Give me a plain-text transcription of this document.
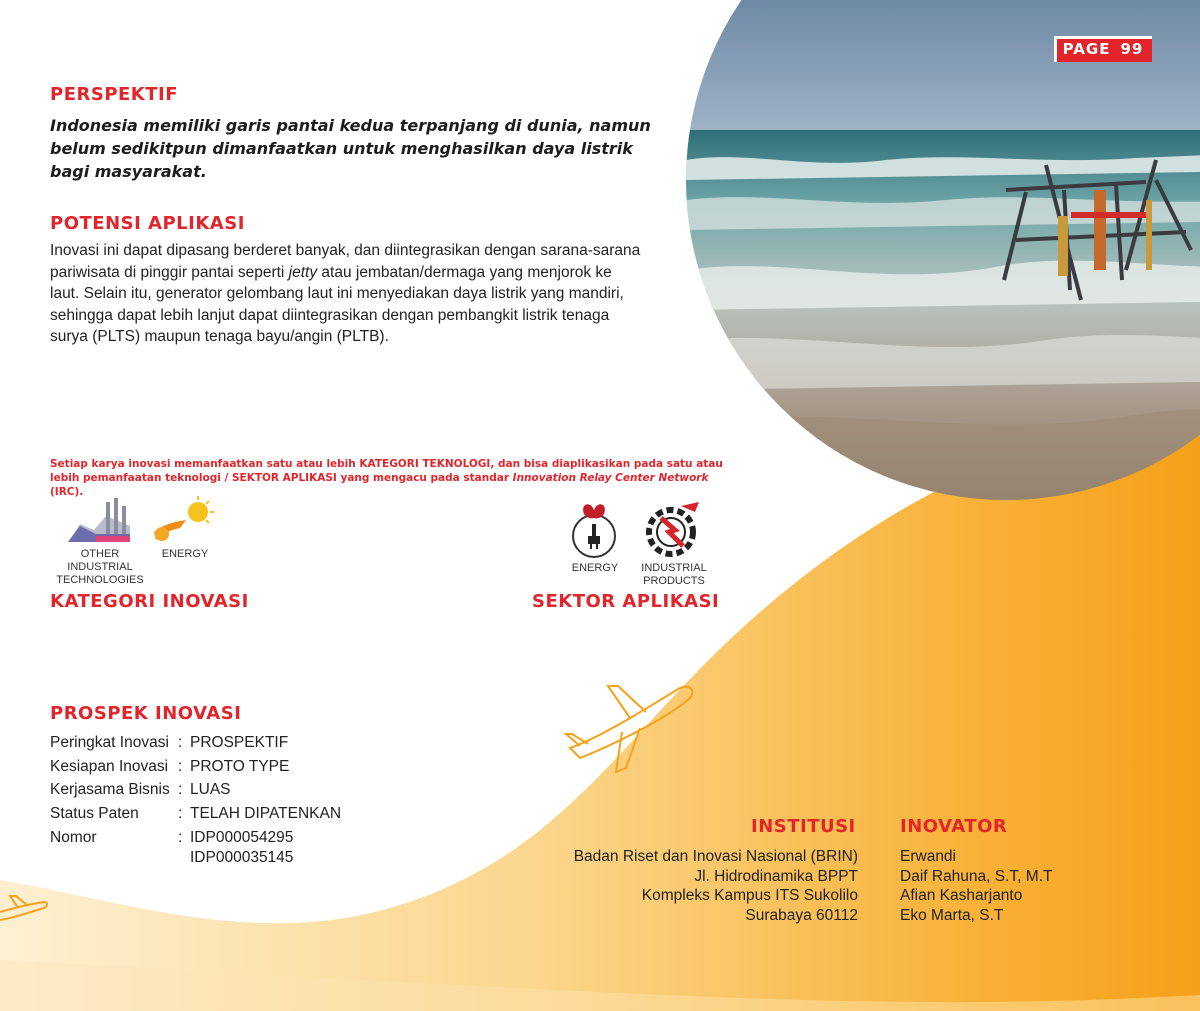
PAGE 99
PERSPEKTIF
Indonesia memiliki garis pantai kedua terpanjang di dunia, namun
belum sedikitpun dimanfaatkan untuk menghasilkan daya listrik
bagi masyarakat.
POTENSI APLIKASI
Inovasi ini dapat dipasang berderet banyak, dan diintegrasikan dengan sarana-sarana
pariwisata di pinggir pantai seperti jetty atau jembatan/dermaga yang menjorok ke
laut. Selain itu, generator gelombang laut ini menyediakan daya listrik yang mandiri,
sehingga dapat lebih lanjut dapat diintegrasikan dengan pembangkit listrik tenaga
surya (PLTS) maupun tenaga bayu/angin (PLTB).
Setiap karya inovasi memanfaatkan satu atau lebih KATEGORI TEKNOLOGI, dan bisa diaplikasikan pada satu atau
lebih pemanfaatan teknologi / SEKTOR APLIKASI yang mengacu pada standar Innovation Relay Center Network (IRC).
OTHER INDUSTRIAL
TECHNOLOGIES
ENERGY
KATEGORI INOVASI
ENERGY	INDUSTRIAL
PRODUCTS
SEKTOR APLIKASI
PROSPEK INOVASI
Peringkat Inovasi : PROSPEKTIF
Kesiapan Inovasi : PROTO TYPE
Kerjasama Bisnis : LUAS
Status Paten	: TELAH DIPATENKAN
Nomor	: IDP000054295
IDP000035145
INSTITUSI
Badan Riset dan Inovasi Nasional (BRIN)
Jl. Hidrodinamika BPPT
Kompleks Kampus ITS Sukolilo
Surabaya 60112
INOVATOR
Erwandi
Daif Rahuna, S.T, M.T
Afian Kasharjanto
Eko Marta, S.T
